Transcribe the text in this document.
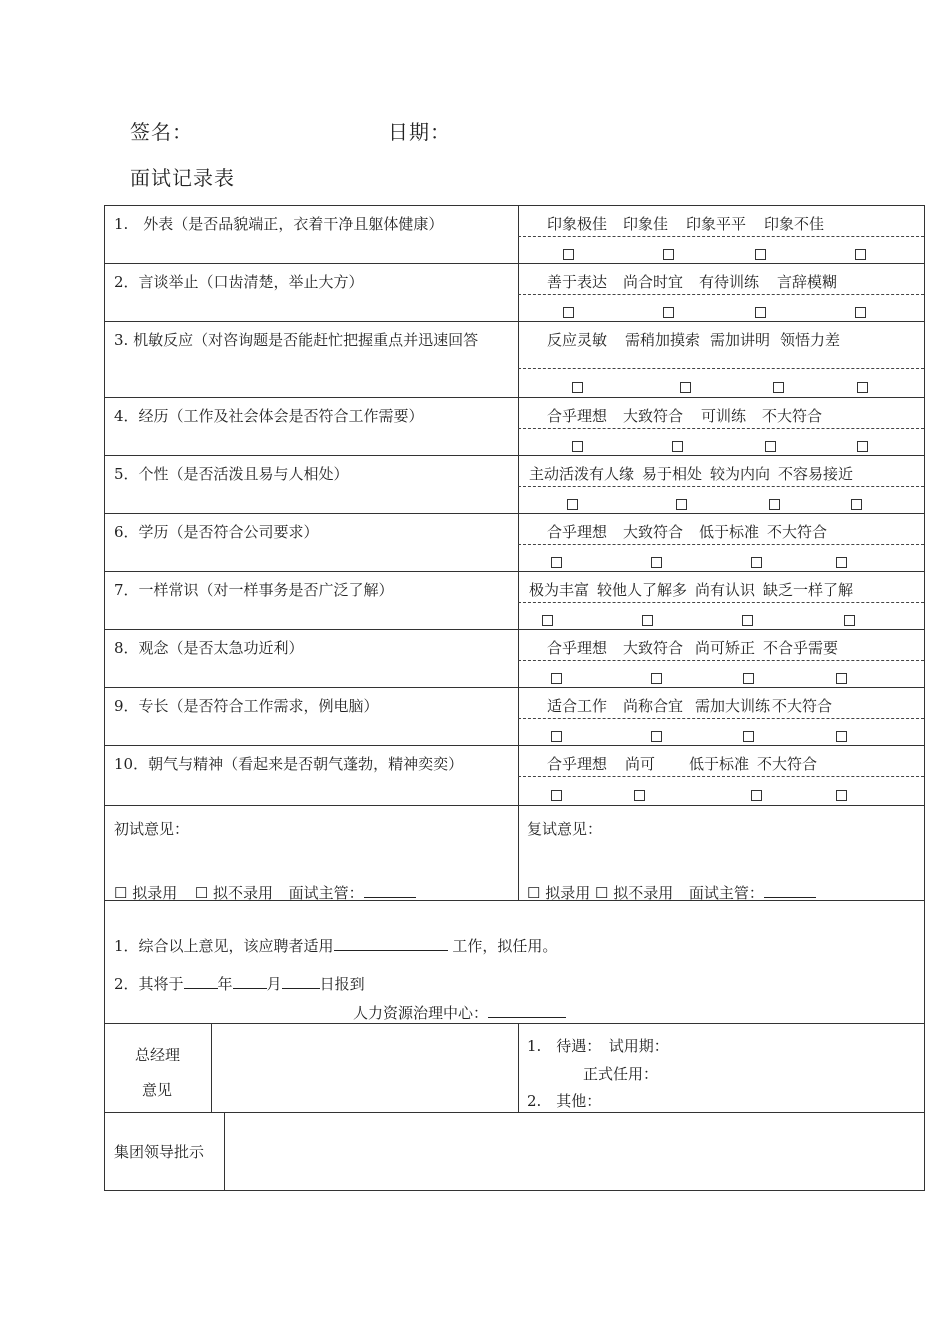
签名：	日期：
面试记录表
1.　外表（是否品貌端正，衣着干净且躯体健康）	印象极佳 印象佳 印象平平 印象不佳
2．言谈举止（口齿清楚，举止大方）	善于表达 尚合时宜 有待训练 言辞模糊
3. 机敏反应（对咨询题是否能赶忙把握重点并迅速回答	反应灵敏 需稍加摸索 需加讲明 领悟力差
4．经历（工作及社会体会是否符合工作需要）	合乎理想 大致符合 可训练 不大符合
5．个性（是否活泼且易与人相处）	主动活泼有人缘 易于相处 较为内向 不容易接近
6．学历（是否符合公司要求）	合乎理想 大致符合 低于标准 不大符合
7．一样常识（对一样事务是否广泛了解）	极为丰富 较他人了解多 尚有认识 缺乏一样了解
8．观念（是否太急功近利）	合乎理想 大致符合 尚可矫正 不合乎需要
9．专长（是否符合工作需求，例电脑）	适合工作 尚称合宜 需加大训练 不大符合
10．朝气与精神（看起来是否朝气蓬勃，精神奕奕）	合乎理想 尚可 低于标准 不大符合
初试意见：	复试意见：
☐ 拟录用 ☐ 拟不录用 面试主管：	☐ 拟录用 ☐ 拟不录用 面试主管：
1．综合以上意见，该应聘者适用	工作，拟任用。
2．其将于 年 月	日报到
人力资源治理中心：
总经理
意见
1.　待遇：　试用期：
正式任用：
2.　其他：
集团领导批示
